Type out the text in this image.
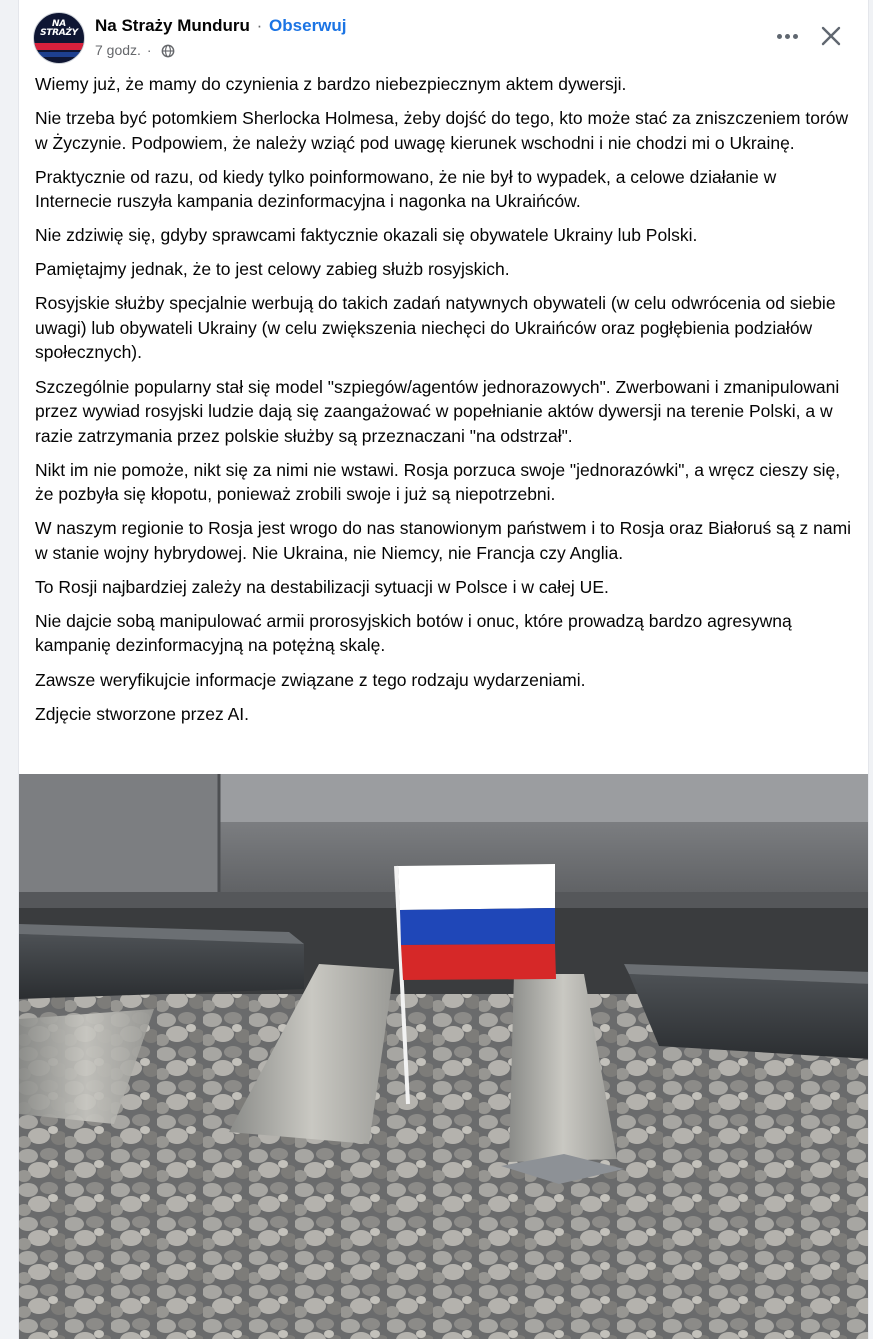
NA
STRAŻY	Na Straży Munduru · Obserwuj
7 godz. ·

Wiemy już, że mamy do czynienia z bardzo niebezpiecznym aktem dywersji.

Nie trzeba być potomkiem Sherlocka Holmesa, żeby dojść do tego, kto może stać za zniszczeniem torów w Życzynie. Podpowiem, że należy wziąć pod uwagę kierunek wschodni i nie chodzi mi o Ukrainę.

Praktycznie od razu, od kiedy tylko poinformowano, że nie był to wypadek, a celowe działanie w Internecie ruszyła kampania dezinformacyjna i nagonka na Ukraińców.

Nie zdziwię się, gdyby sprawcami faktycznie okazali się obywatele Ukrainy lub Polski.

Pamiętajmy jednak, że to jest celowy zabieg służb rosyjskich.

Rosyjskie służby specjalnie werbują do takich zadań natywnych obywateli (w celu odwrócenia od siebie uwagi) lub obywateli Ukrainy (w celu zwiększenia niechęci do Ukraińców oraz pogłębienia podziałów społecznych).

Szczególnie popularny stał się model "szpiegów/agentów jednorazowych". Zwerbowani i zmanipulowani przez wywiad rosyjski ludzie dają się zaangażować w popełnianie aktów dywersji na terenie Polski, a w razie zatrzymania przez polskie służby są przeznaczani "na odstrzał".

Nikt im nie pomoże, nikt się za nimi nie wstawi. Rosja porzuca swoje "jednorazówki", a wręcz cieszy się, że pozbyła się kłopotu, ponieważ zrobili swoje i już są niepotrzebni.

W naszym regionie to Rosja jest wrogo do nas stanowionym państwem i to Rosja oraz Białoruś są z nami w stanie wojny hybrydowej. Nie Ukraina, nie Niemcy, nie Francja czy Anglia.

To Rosji najbardziej zależy na destabilizacji sytuacji w Polsce i w całej UE.

Nie dajcie sobą manipulować armii prorosyjskich botów i onuc, które prowadzą bardzo agresywną kampanię dezinformacyjną na potężną skalę.

Zawsze weryfikujcie informacje związane z tego rodzaju wydarzeniami.

Zdjęcie stworzone przez AI.
